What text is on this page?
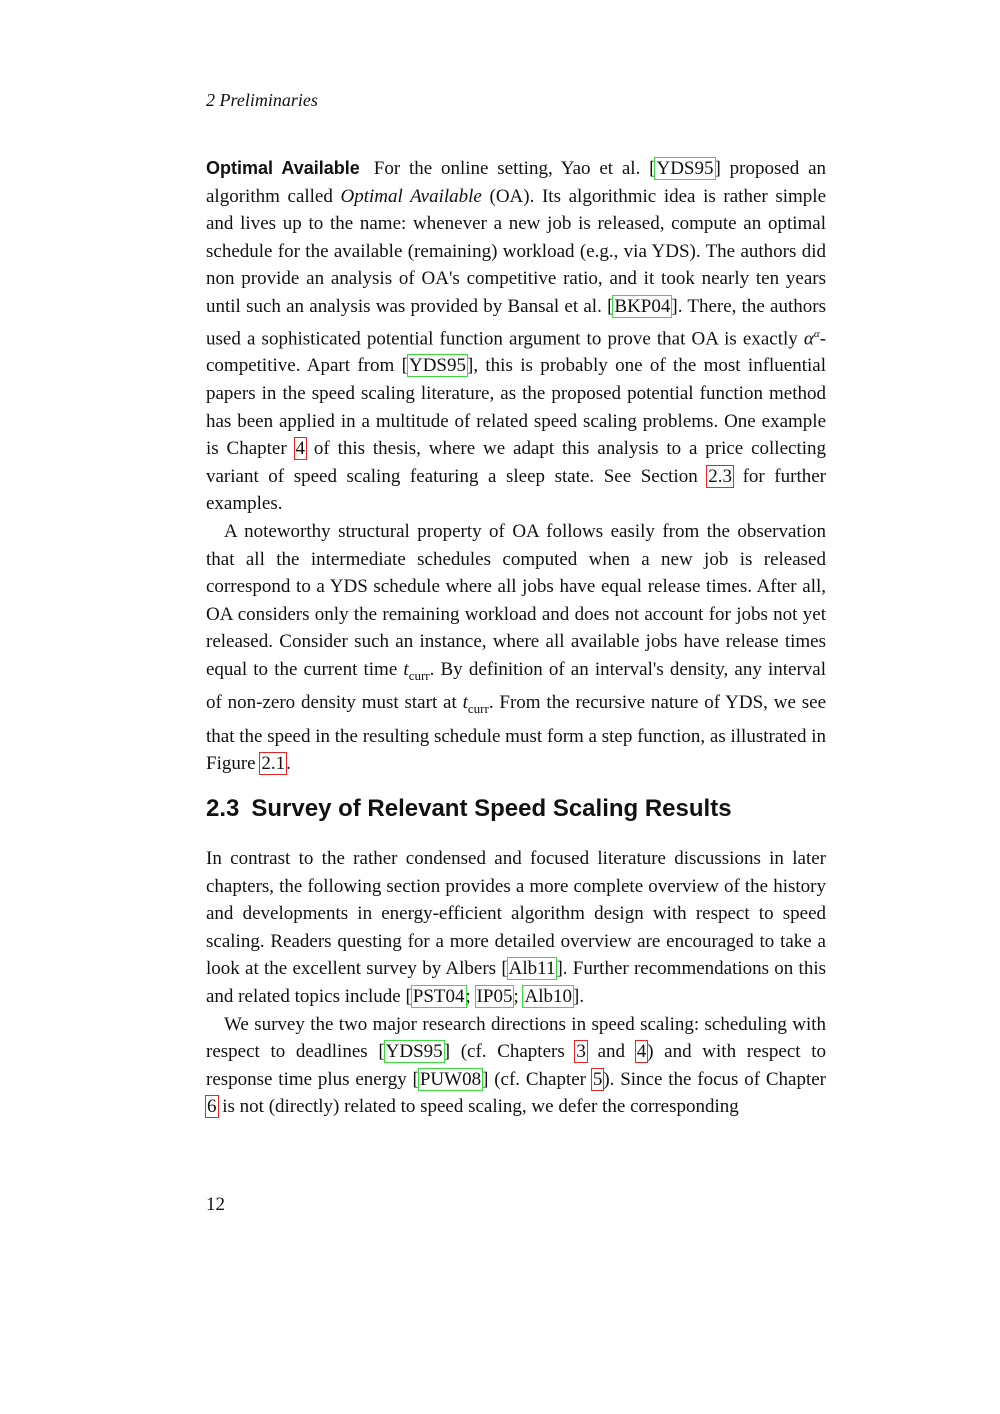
2 Preliminaries

Optimal Available For the online setting, Yao et al. [YDS95] proposed an algorithm called Optimal Available (OA). Its algorithmic idea is rather simple and lives up to the name: whenever a new job is released, compute an optimal schedule for the available (remaining) workload (e.g., via YDS). The authors did non provide an analysis of OA's competitive ratio, and it took nearly ten years until such an analysis was provided by Bansal et al. [BKP04]. There, the authors used a sophisticated potential function argument to prove that OA is exactly $\alpha^\alpha$-competitive. Apart from [YDS95], this is probably one of the most influential papers in the speed scaling literature, as the proposed potential function method has been applied in a multitude of related speed scaling problems. One example is Chapter 4 of this thesis, where we adapt this analysis to a price collecting variant of speed scaling featuring a sleep state. See Section 2.3 for further examples.

A noteworthy structural property of OA follows easily from the observation that all the intermediate schedules computed when a new job is released correspond to a YDS schedule where all jobs have equal release times. After all, OA considers only the remaining workload and does not account for jobs not yet released. Consider such an instance, where all available jobs have release times equal to the current time $t_{curr}$. By definition of an interval's density, any interval of non-zero density must start at $t_{curr}$. From the recursive nature of YDS, we see that the speed in the resulting schedule must form a step function, as illustrated in Figure 2.1.

2.3 Survey of Relevant Speed Scaling Results

In contrast to the rather condensed and focused literature discussions in later chapters, the following section provides a more complete overview of the history and developments in energy-efficient algorithm design with respect to speed scaling. Readers questing for a more detailed overview are encouraged to take a look at the excellent survey by Albers [Alb11]. Further recommendations on this and related topics include [PST04; IP05; Alb10].

We survey the two major research directions in speed scaling: scheduling with respect to deadlines [YDS95] (cf. Chapters 3 and 4) and with respect to response time plus energy [PUW08] (cf. Chapter 5). Since the focus of Chapter 6 is not (directly) related to speed scaling, we defer the corresponding

12
